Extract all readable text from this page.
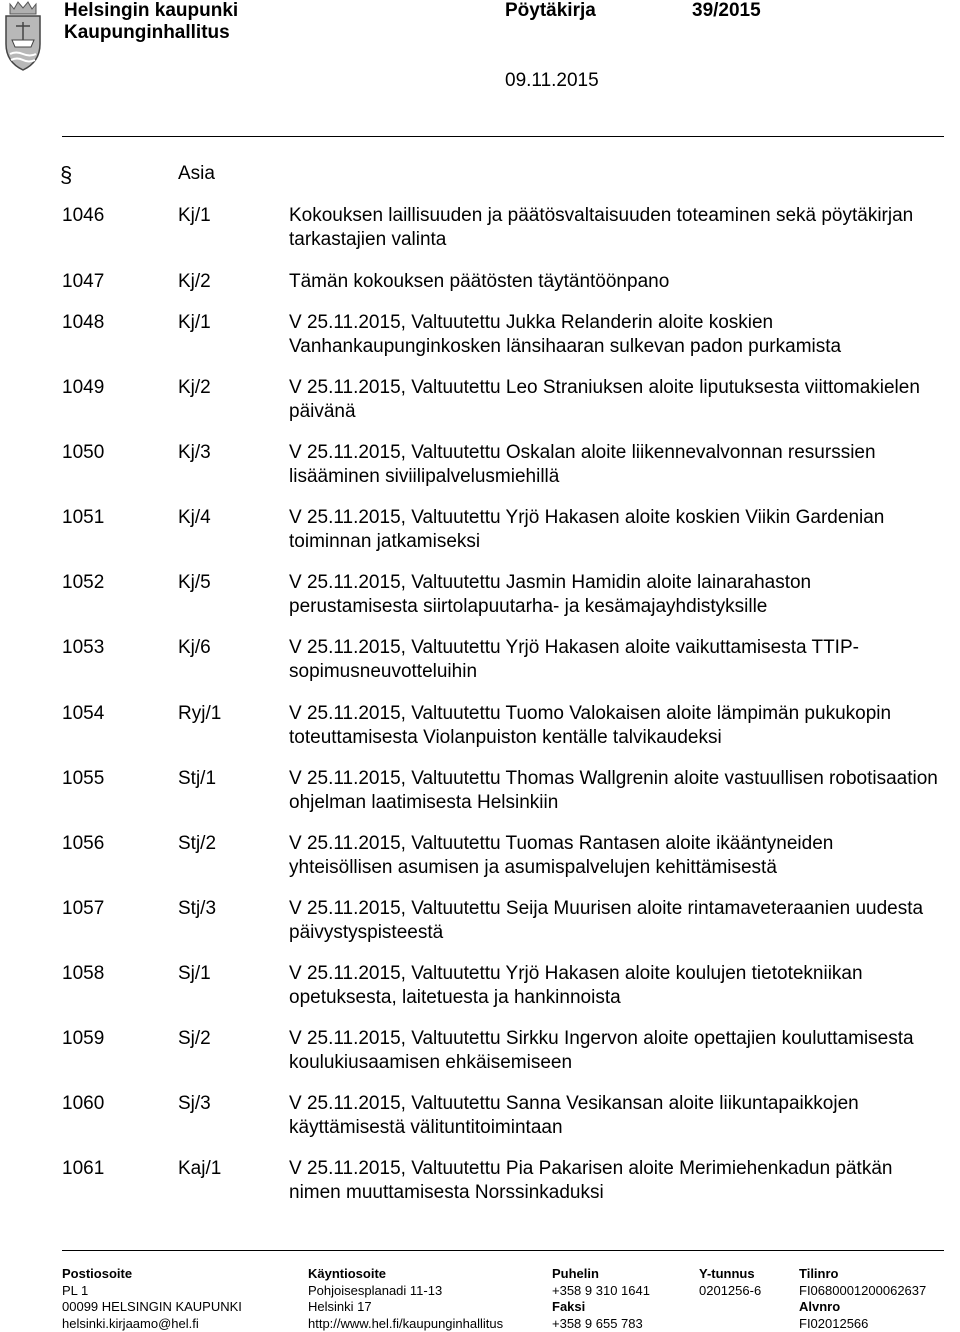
Helsingin kaupunki
Kaupunginhallitus
Pöytäkirja	39/2015
09.11.2015
§	Asia
1046	Kj/1	Kokouksen laillisuuden ja päätösvaltaisuuden toteaminen sekä pöytäkirjan tarkastajien valinta
1047	Kj/2	Tämän kokouksen päätösten täytäntöönpano
1048	Kj/1	V 25.11.2015, Valtuutettu Jukka Relanderin aloite koskien Vanhankaupunginkosken länsihaaran sulkevan padon purkamista
1049	Kj/2	V 25.11.2015, Valtuutettu Leo Straniuksen aloite liputuksesta viittomakielen päivänä
1050	Kj/3	V 25.11.2015, Valtuutettu Oskalan aloite liikennevalvonnan resurssien lisääminen siviilipalvelusmiehillä
1051	Kj/4	V 25.11.2015, Valtuutettu Yrjö Hakasen aloite koskien Viikin Gardenian toiminnan jatkamiseksi
1052	Kj/5	V 25.11.2015, Valtuutettu Jasmin Hamidin aloite lainarahaston perustamisesta siirtolapuutarha- ja kesämajayhdistyksille
1053	Kj/6	V 25.11.2015, Valtuutettu Yrjö Hakasen aloite vaikuttamisesta TTIP-sopimusneuvotteluihin
1054	Ryj/1	V 25.11.2015, Valtuutettu Tuomo Valokaisen aloite lämpimän pukukopin toteuttamisesta Violanpuiston kentälle talvikaudeksi
1055	Stj/1	V 25.11.2015, Valtuutettu Thomas Wallgrenin aloite vastuullisen robotisaation ohjelman laatimisesta Helsinkiin
1056	Stj/2	V 25.11.2015, Valtuutettu Tuomas Rantasen aloite ikääntyneiden yhteisöllisen asumisen ja asumispalvelujen kehittämisestä
1057	Stj/3	V 25.11.2015, Valtuutettu Seija Muurisen aloite rintamaveteraanien uudesta päivystyspisteestä
1058	Sj/1	V 25.11.2015, Valtuutettu Yrjö Hakasen aloite koulujen tietotekniikan opetuksesta, laitetuesta ja hankinnoista
1059	Sj/2	V 25.11.2015, Valtuutettu Sirkku Ingervon aloite opettajien kouluttamisesta koulukiusaamisen ehkäisemiseen
1060	Sj/3	V 25.11.2015, Valtuutettu Sanna Vesikansan aloite liikuntapaikkojen käyttämisestä välituntitoimintaan
1061	Kaj/1	V 25.11.2015, Valtuutettu Pia Pakarisen aloite Merimiehenkadun pätkän nimen muuttamisesta Norssinkaduksi
Postiosoite
PL 1
00099 HELSINGIN KAUPUNKI
helsinki.kirjaamo@hel.fi
Käyntiosoite
Pohjoisesplanadi 11-13
Helsinki 17
http://www.hel.fi/kaupunginhallitus
Puhelin
+358 9 310 1641
Faksi
+358 9 655 783
Y-tunnus
0201256-6
Tilinro
FI0680001200062637
Alvnro
FI02012566
